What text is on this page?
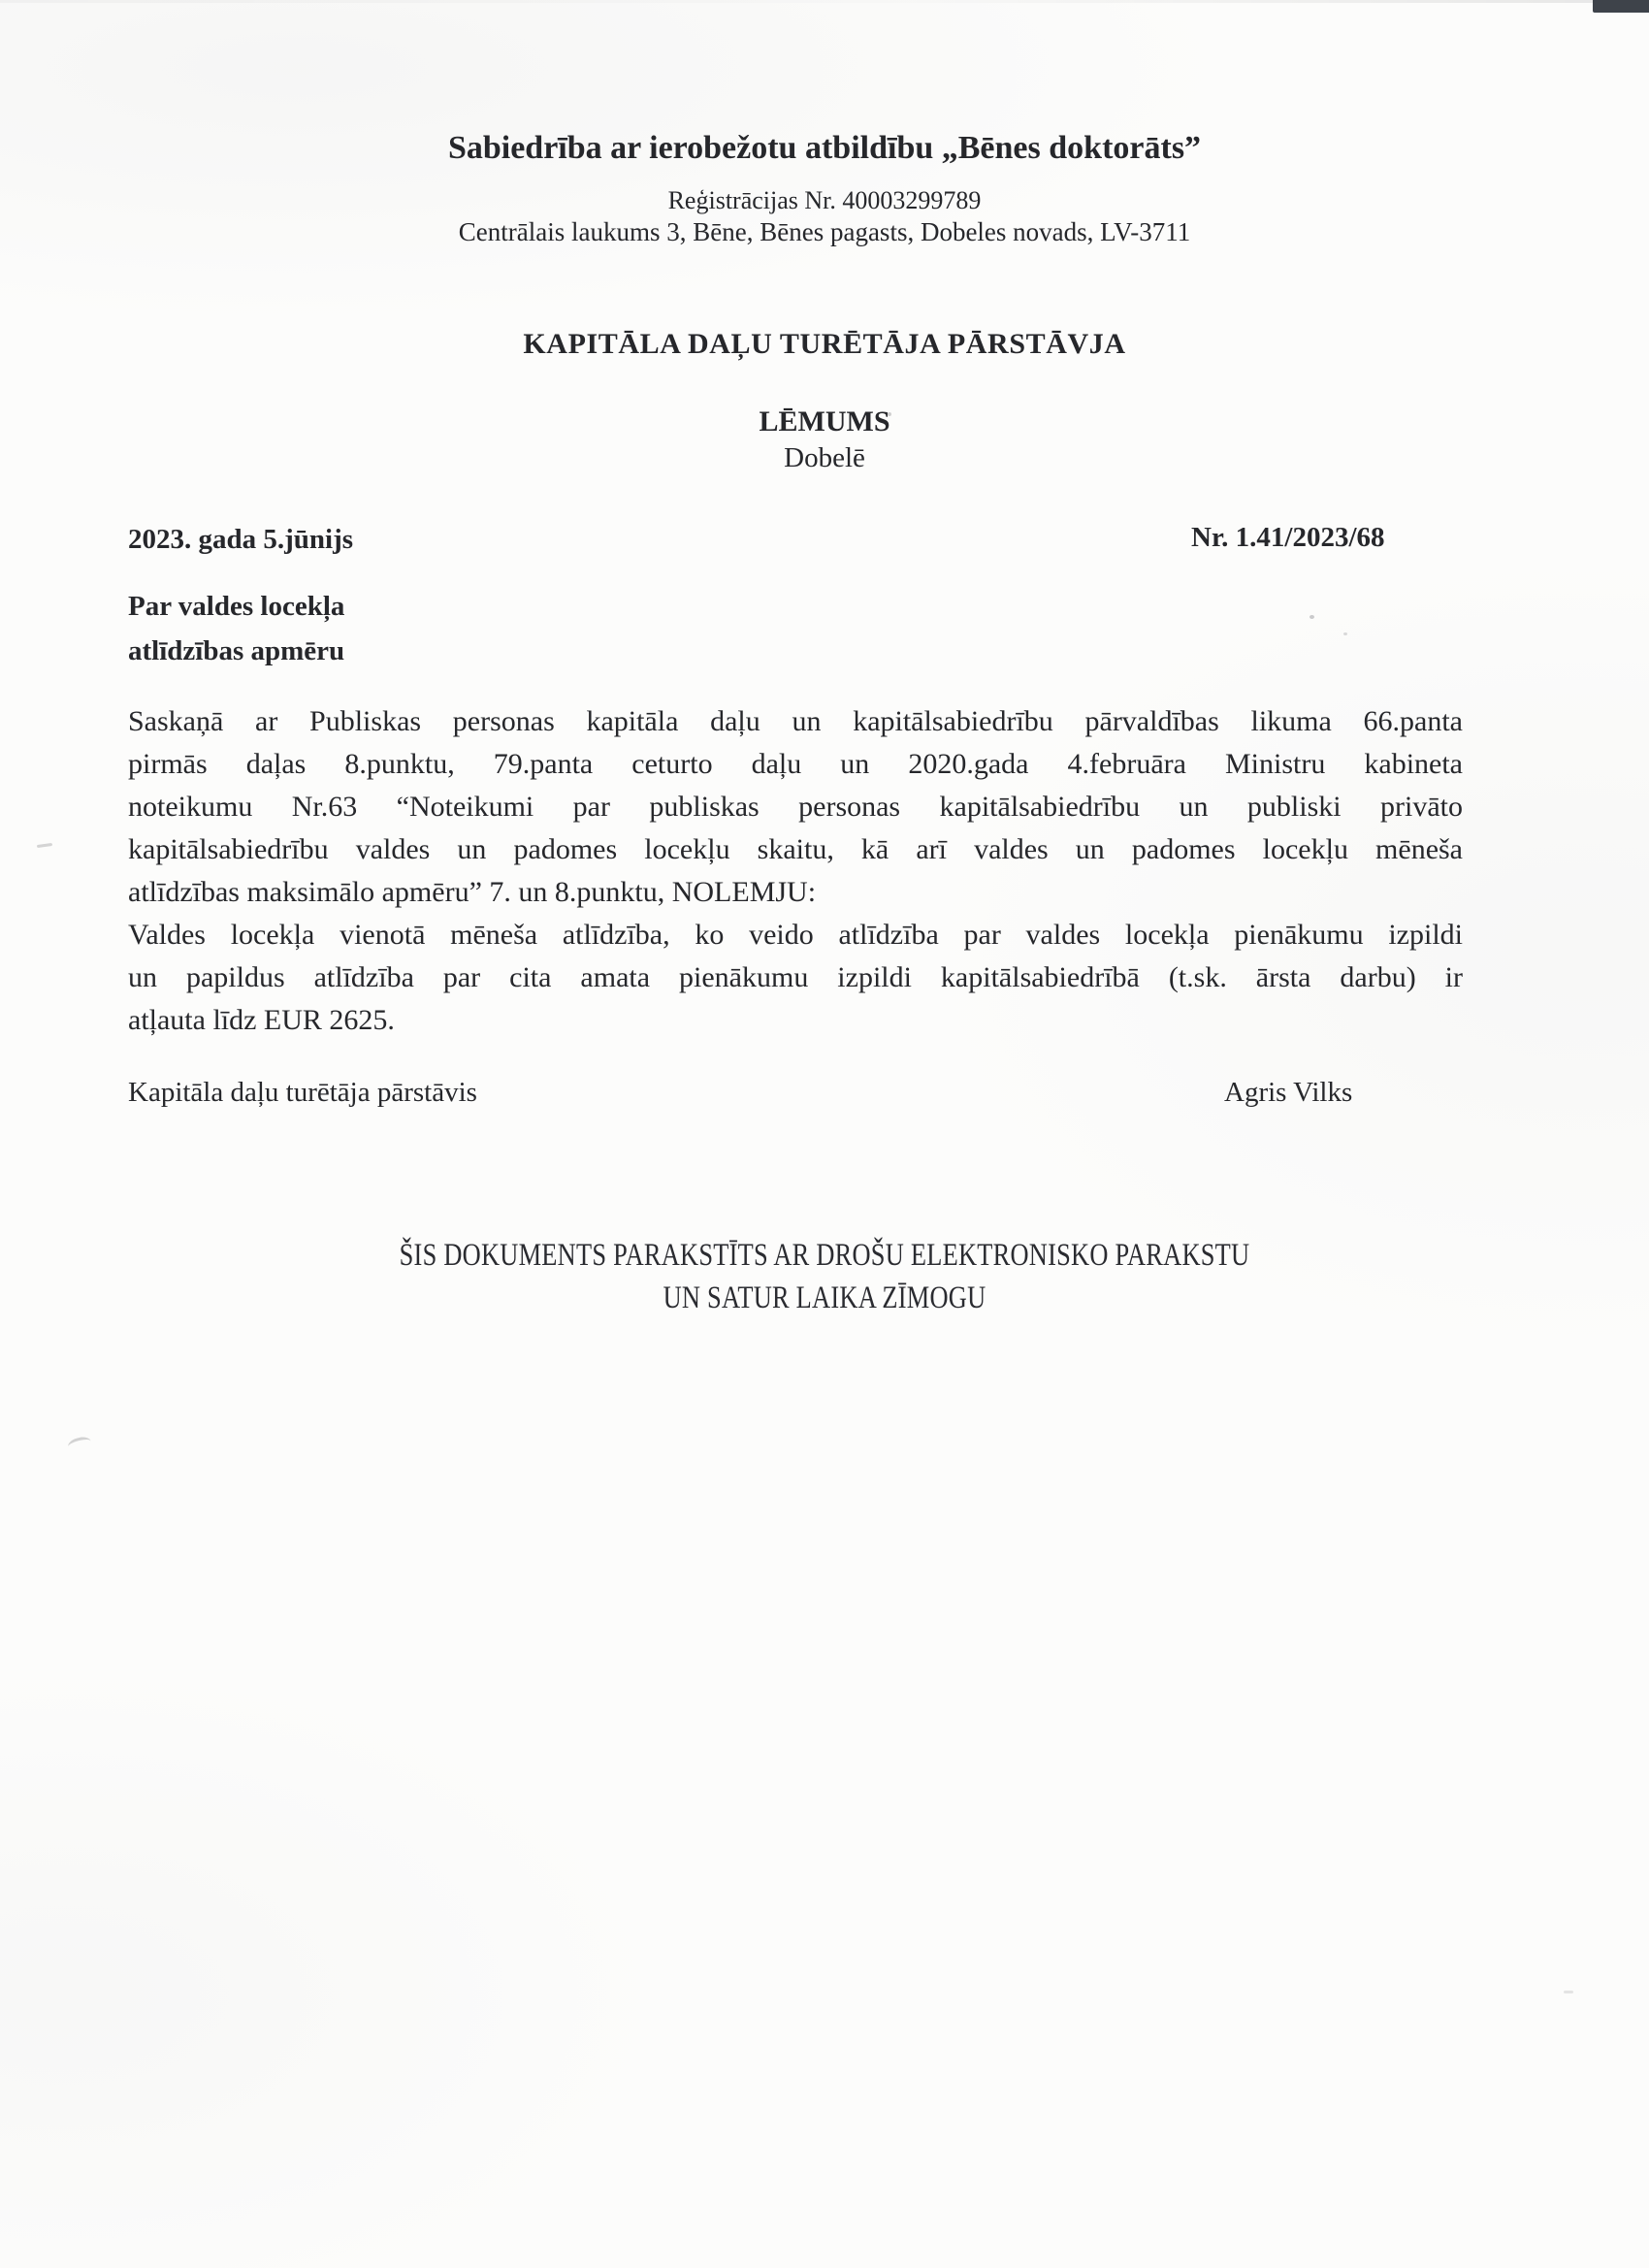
Sabiedrība ar ierobežotu atbildību „Bēnes doktorāts”
Reģistrācijas Nr. 40003299789
Centrālais laukums 3, Bēne, Bēnes pagasts, Dobeles novads, LV-3711
KAPITĀLA DAĻU TURĒTĀJA PĀRSTĀVJA
LĒMUMS
Dobelē
2023. gada 5.jūnijs	Nr. 1.41/2023/68
Par valdes locekļa
atlīdzības apmēru
Saskaņā ar Publiskas personas kapitāla daļu un kapitālsabiedrību pārvaldības likuma 66.panta
pirmās daļas 8.punktu, 79.panta ceturto daļu un 2020.gada 4.februāra Ministru kabineta
noteikumu Nr.63 “Noteikumi par publiskas personas kapitālsabiedrību un publiski privāto
kapitālsabiedrību valdes un padomes locekļu skaitu, kā arī valdes un padomes locekļu mēneša
atlīdzības maksimālo apmēru” 7. un 8.punktu, NOLEMJU:
Valdes locekļa vienotā mēneša atlīdzība, ko veido atlīdzība par valdes locekļa pienākumu izpildi
un papildus atlīdzība par cita amata pienākumu izpildi kapitālsabiedrībā (t.sk. ārsta darbu) ir
atļauta līdz EUR 2625.
Kapitāla daļu turētāja pārstāvis	Agris Vilks
ŠIS DOKUMENTS PARAKSTĪTS AR DROŠU ELEKTRONISKO PARAKSTU
UN SATUR LAIKA ZĪMOGU
